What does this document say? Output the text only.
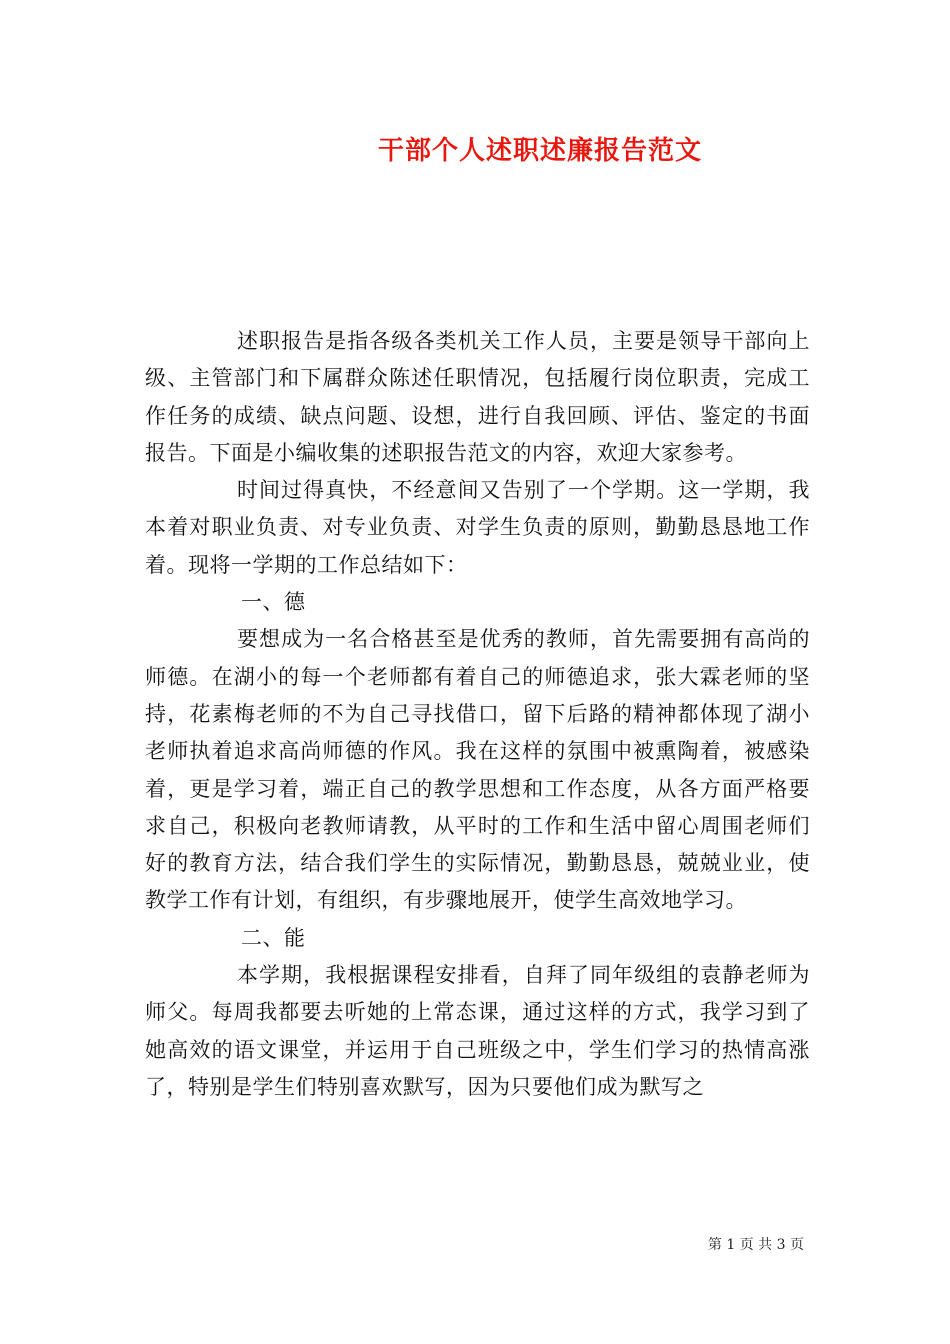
干部个人述职述廉报告范文

述职报告是指各级各类机关工作人员，主要是领导干部向上级、主管部门和下属群众陈述任职情况，包括履行岗位职责，完成工作任务的成绩、缺点问题、设想，进行自我回顾、评估、鉴定的书面报告。下面是小编收集的述职报告范文的内容，欢迎大家参考。

时间过得真快，不经意间又告别了一个学期。这一学期，我本着对职业负责、对专业负责、对学生负责的原则，勤勤恳恳地工作着。现将一学期的工作总结如下：

一、德

要想成为一名合格甚至是优秀的教师，首先需要拥有高尚的师德。在湖小的每一个老师都有着自己的师德追求，张大霖老师的坚持，花素梅老师的不为自己寻找借口，留下后路的精神都体现了湖小老师执着追求高尚师德的作风。我在这样的氛围中被熏陶着，被感染着，更是学习着，端正自己的教学思想和工作态度，从各方面严格要求自己，积极向老教师请教，从平时的工作和生活中留心周围老师们好的教育方法，结合我们学生的实际情况，勤勤恳恳，兢兢业业，使教学工作有计划，有组织，有步骤地展开，使学生高效地学习。

二、能

本学期，我根据课程安排看，自拜了同年级组的袁静老师为师父。每周我都要去听她的上常态课，通过这样的方式，我学习到了她高效的语文课堂，并运用于自己班级之中，学生们学习的热情高涨了，特别是学生们特别喜欢默写，因为只要他们成为默写之

第 1 页 共 3 页
